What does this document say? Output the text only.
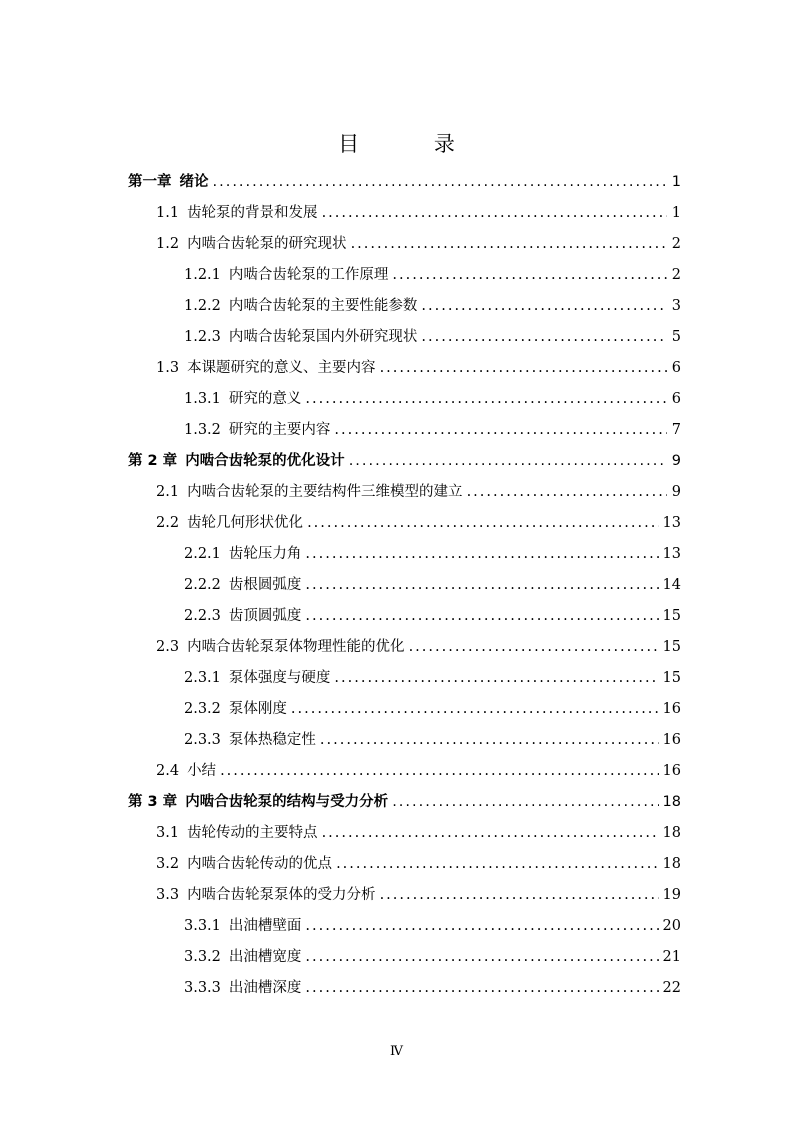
目 录
第一章 绪论 .....	1
1.1 齿轮泵的背景和发展 .....	1
1.2 内啮合齿轮泵的研究现状 .....	2
1.2.1 内啮合齿轮泵的工作原理 .....	2
1.2.2 内啮合齿轮泵的主要性能参数 .....	3
1.2.3 内啮合齿轮泵国内外研究现状 .....	5
1.3 本课题研究的意义、主要内容 .....	6
1.3.1 研究的意义 .....	6
1.3.2 研究的主要内容 .....	7
第 2 章 内啮合齿轮泵的优化设计 .....	9
2.1 内啮合齿轮泵的主要结构件三维模型的建立 .....	9
2.2 齿轮几何形状优化 .....	13
2.2.1 齿轮压力角 .....	13
2.2.2 齿根圆弧度 .....	14
2.2.3 齿顶圆弧度 .....	15
2.3 内啮合齿轮泵泵体物理性能的优化 .....	15
2.3.1 泵体强度与硬度 .....	15
2.3.2 泵体刚度 .....	16
2.3.3 泵体热稳定性 .....	16
2.4 小结 .....	16
第 3 章 内啮合齿轮泵的结构与受力分析 .....	18
3.1 齿轮传动的主要特点 .....	18
3.2 内啮合齿轮传动的优点 .....	18
3.3 内啮合齿轮泵泵体的受力分析 .....	19
3.3.1 出油槽壁面 .....	20
3.3.2 出油槽宽度 .....	21
3.3.3 出油槽深度 .....	22
Ⅳ
